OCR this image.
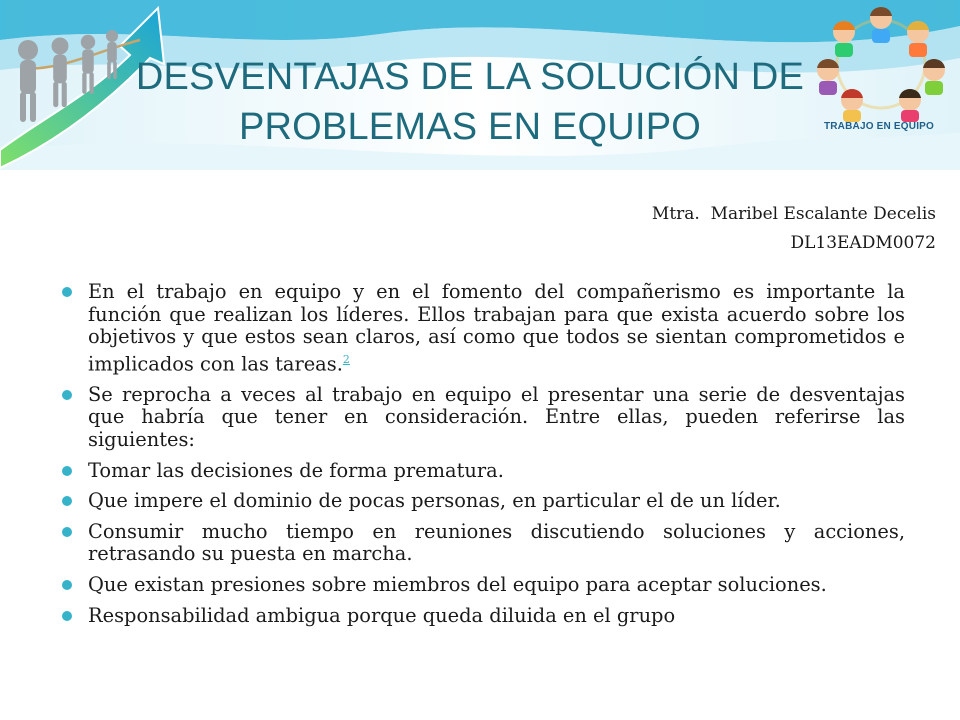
TRABAJO EN EQUIPO
DESVENTAJAS DE LA SOLUCIÓN DE
PROBLEMAS EN EQUIPO
Mtra.  Maribel Escalante Decelis
DL13EADM0072
En el trabajo en equipo y en el fomento del compañerismo es importante la función que realizan los líderes. Ellos trabajan para que exista acuerdo sobre los objetivos y que estos sean claros, así como que todos se sientan comprometidos e implicados con las tareas.$^2$
Se reprocha a veces al trabajo en equipo el presentar una serie de desventajas que habría que tener en consideración. Entre ellas, pueden referirse las siguientes:
Tomar las decisiones de forma prematura.
Que impere el dominio de pocas personas, en particular el de un líder.
Consumir mucho tiempo en reuniones discutiendo soluciones y acciones, retrasando su puesta en marcha.
Que existan presiones sobre miembros del equipo para aceptar soluciones.
Responsabilidad ambigua porque queda diluida en el grupo
